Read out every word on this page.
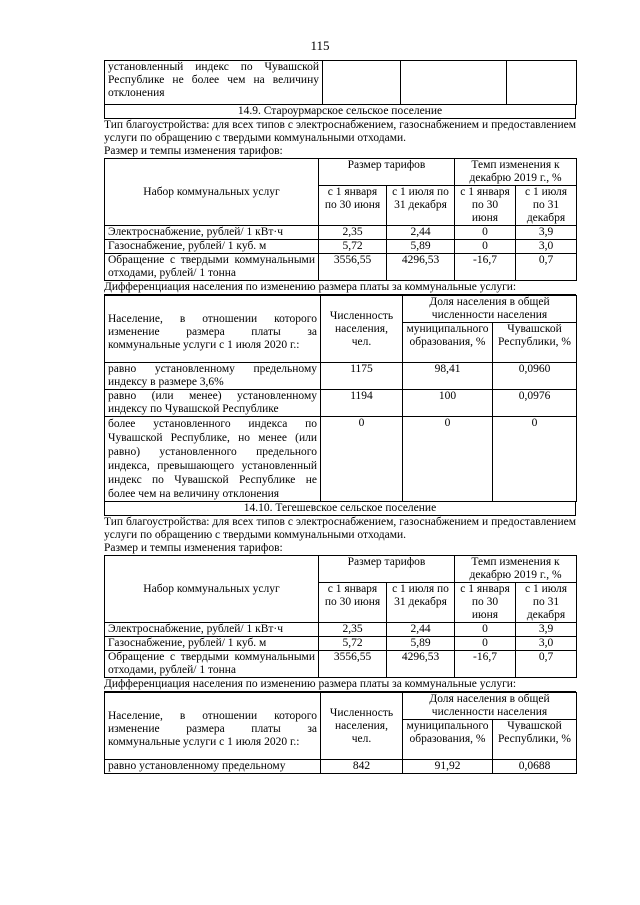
115
установленный индекс по Чувашской Республике не более чем на величину отклонения			
14.9. Староурмарское сельское поселение
Тип благоустройства: для всех типов с электроснабжением, газоснабжением и предоставлением услуги по обращению с твердыми коммунальными отходами.
Размер и темпы изменения тарифов:
Набор коммунальных услуг	Размер тарифов		Темп изменения к декабрю 2019 г., %	
	с 1 января по 30 июня	с 1 июля по 31 декабря	с 1 января по 30 июня	с 1 июля по 31 декабря
Электроснабжение, рублей/ 1 кВт·ч	2,35	2,44	0	3,9
Газоснабжение, рублей/ 1 куб. м	5,72	5,89	0	3,0
Обращение с твердыми коммунальными отходами, рублей/ 1 тонна	3556,55	4296,53	-16,7	0,7
Дифференциация населения по изменению размера платы за коммунальные услуги:
Население, в отношении которого изменение размера платы за коммунальные услуги с 1 июля 2020 г.:	Численность населения, чел.	Доля населения в общей численности населения	
		муниципального образования, %	Чувашской Республики, %
равно установленному предельному индексу в размере 3,6%	1175	98,41	0,0960
равно (или менее) установленному индексу по Чувашской Республике	1194	100	0,0976
более установленного индекса по Чувашской Республике, но менее (или равно) установленного предельного индекса, превышающего установленный индекс по Чувашской Республике не более чем на величину отклонения	0	0	0
14.10. Тегешевское сельское поселение
Тип благоустройства: для всех типов с электроснабжением, газоснабжением и предоставлением услуги по обращению с твердыми коммунальными отходами.
Размер и темпы изменения тарифов:
Набор коммунальных услуг	Размер тарифов		Темп изменения к декабрю 2019 г., %	
	с 1 января по 30 июня	с 1 июля по 31 декабря	с 1 января по 30 июня	с 1 июля по 31 декабря
Электроснабжение, рублей/ 1 кВт·ч	2,35	2,44	0	3,9
Газоснабжение, рублей/ 1 куб. м	5,72	5,89	0	3,0
Обращение с твердыми коммунальными отходами, рублей/ 1 тонна	3556,55	4296,53	-16,7	0,7
Дифференциация населения по изменению размера платы за коммунальные услуги:
Население, в отношении которого изменение размера платы за коммунальные услуги с 1 июля 2020 г.:	Численность населения, чел.	Доля населения в общей численности населения	
		муниципального образования, %	Чувашской Республики, %
равно установленному предельному	842	91,92	0,0688
